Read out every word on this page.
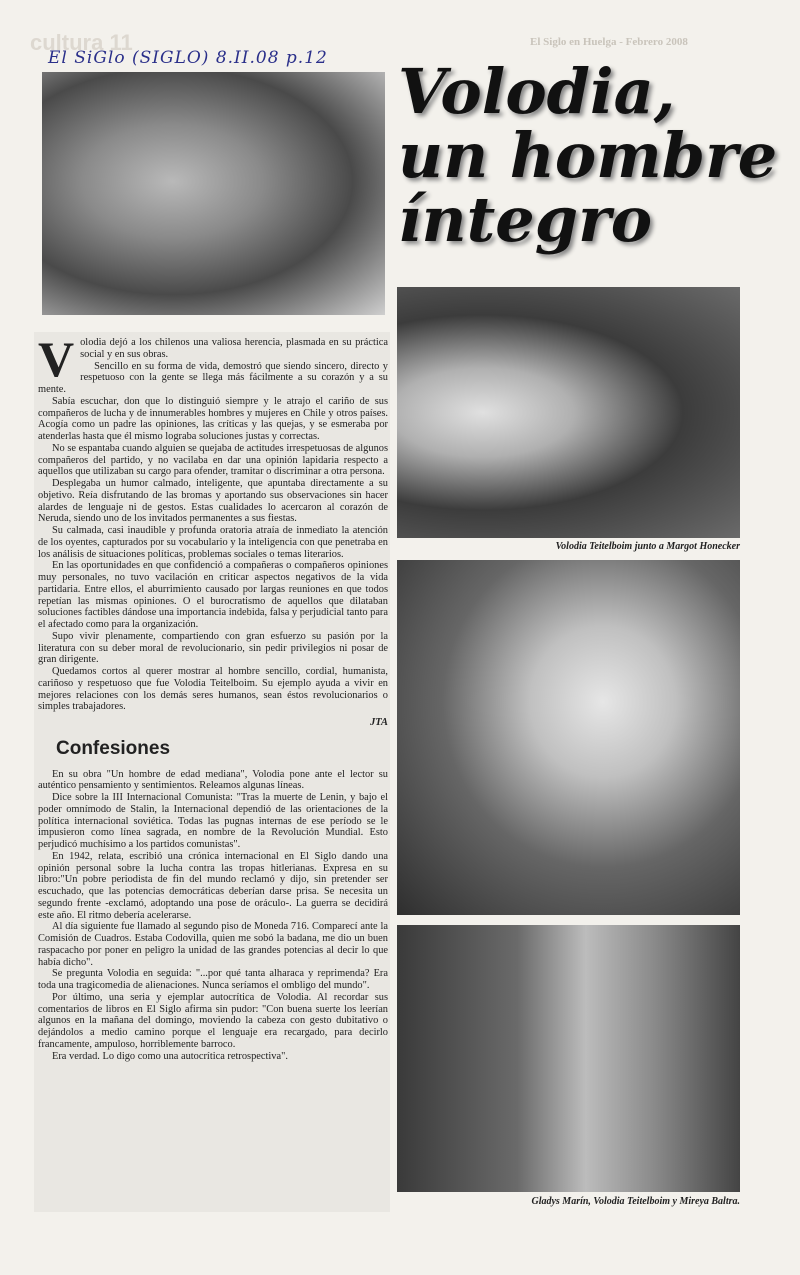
cultura 11	El Siglo en Huelga - Febrero 2008
El SiGlo (SIGLO) 8.II.08 p.12
Volodia Teitelboim junto a Margot Honecker
Gladys Marín, Volodia Teitelboim y Mireya Baltra.
Volodia,
un hombre
íntegro

Volodia dejó a los chilenos una valiosa herencia, plasmada en su práctica social y en sus obras.

Sencillo en su forma de vida, demostró que siendo sincero, directo y respetuoso con la gente se llega más fácilmente a su corazón y a su mente.

Sabía escuchar, don que lo distinguió siempre y le atrajo el cariño de sus compañeros de lucha y de innumerables hombres y mujeres en Chile y otros países. Acogía como un padre las opiniones, las críticas y las quejas, y se esmeraba por atenderlas hasta que él mismo lograba soluciones justas y correctas.

No se espantaba cuando alguien se quejaba de actitudes irrespetuosas de algunos compañeros del partido, y no vacilaba en dar una opinión lapidaria respecto a aquellos que utilizaban su cargo para ofender, tramitar o discriminar a otra persona.

Desplegaba un humor calmado, inteligente, que apuntaba directamente a su objetivo. Reía disfrutando de las bromas y aportando sus observaciones sin hacer alardes de lenguaje ni de gestos. Estas cualidades lo acercaron al corazón de Neruda, siendo uno de los invitados permanentes a sus fiestas.

Su calmada, casi inaudible y profunda oratoria atraía de inmediato la atención de los oyentes, capturados por su vocabulario y la inteligencia con que penetraba en los análisis de situaciones políticas, problemas sociales o temas literarios.

En las oportunidades en que confidenció a compañeras o compañeros opiniones muy personales, no tuvo vacilación en criticar aspectos negativos de la vida partidaria. Entre ellos, el aburrimiento causado por largas reuniones en que todos repetían las mismas opiniones. O el burocratismo de aquellos que dilataban soluciones factibles dándose una importancia indebida, falsa y perjudicial tanto para el afectado como para la organización.

Supo vivir plenamente, compartiendo con gran esfuerzo su pasión por la literatura con su deber moral de revolucionario, sin pedir privilegios ni posar de gran dirigente.

Quedamos cortos al querer mostrar al hombre sencillo, cordial, humanista, cariñoso y respetuoso que fue Volodia Teitelboim. Su ejemplo ayuda a vivir en mejores relaciones con los demás seres humanos, sean éstos revolucionarios o simples trabajadores.

JTA

Confesiones

En su obra "Un hombre de edad mediana", Volodia pone ante el lector su auténtico pensamiento y sentimientos. Releamos algunas líneas.

Dice sobre la III Internacional Comunista: "Tras la muerte de Lenin, y bajo el poder omnímodo de Stalin, la Internacional dependió de las orientaciones de la política internacional soviética. Todas las pugnas internas de ese período se le impusieron como línea sagrada, en nombre de la Revolución Mundial. Esto perjudicó muchísimo a los partidos comunistas".

En 1942, relata, escribió una crónica internacional en El Siglo dando una opinión personal sobre la lucha contra las tropas hitlerianas. Expresa en su libro:"Un pobre periodista de fin del mundo reclamó y dijo, sin pretender ser escuchado, que las potencias democráticas deberían darse prisa. Se necesita un segundo frente -exclamó, adoptando una pose de oráculo-. La guerra se decidirá este año. El ritmo debería acelerarse.

Al día siguiente fue llamado al segundo piso de Moneda 716. Comparecí ante la Comisión de Cuadros. Estaba Codovilla, quien me sobó la badana, me dio un buen raspacacho por poner en peligro la unidad de las grandes potencias al decir lo que había dicho".

Se pregunta Volodia en seguida: "...por qué tanta alharaca y reprimenda? Era toda una tragicomedia de alienaciones. Nunca seríamos el ombligo del mundo".

Por último, una seria y ejemplar autocrítica de Volodia. Al recordar sus comentarios de libros en El Siglo afirma sin pudor: "Con buena suerte los leerían algunos en la mañana del domingo, moviendo la cabeza con gesto dubitativo o dejándolos a medio camino porque el lenguaje era recargado, para decirlo francamente, ampuloso, horriblemente barroco.

Era verdad. Lo digo como una autocrítica retrospectiva".
